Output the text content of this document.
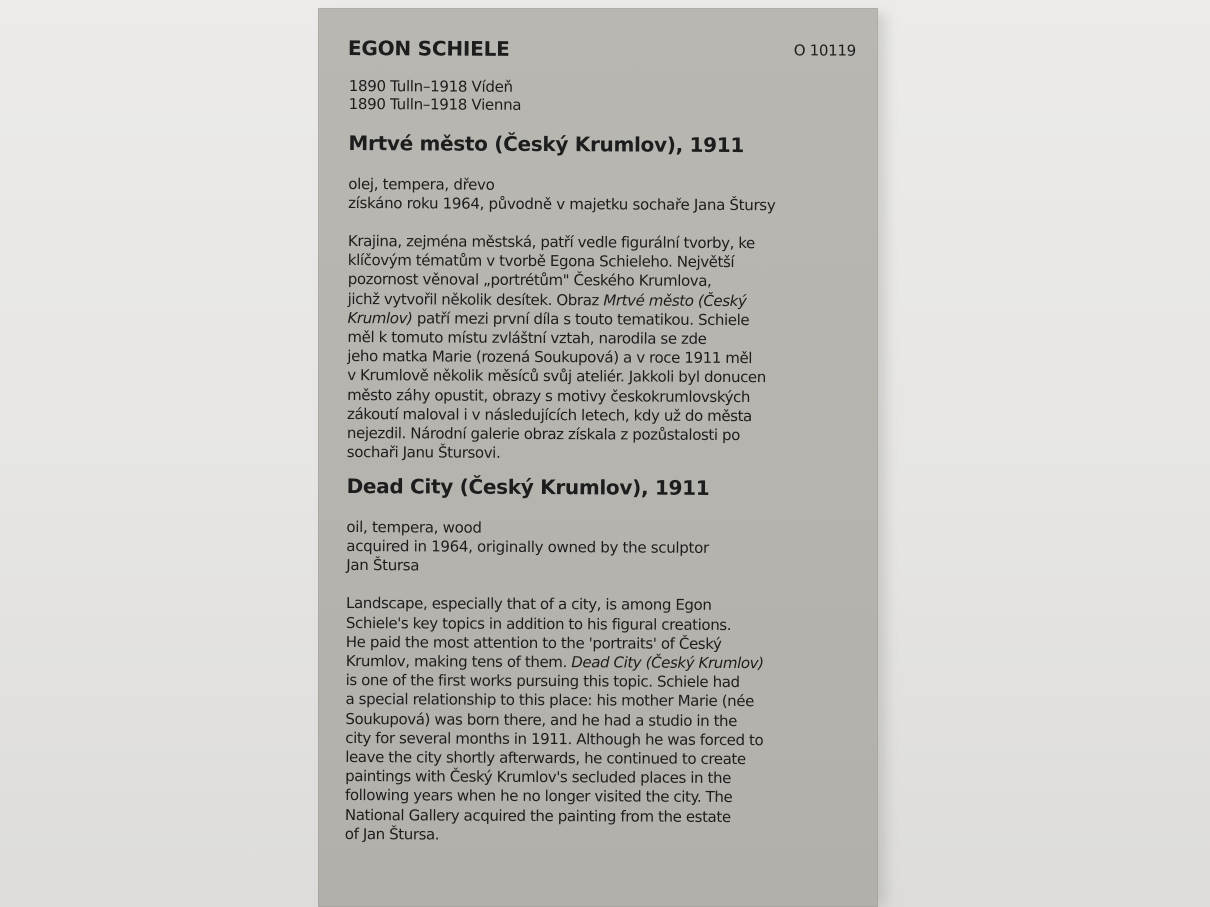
EGON SCHIELE	O 10119
1890 Tulln–1918 Vídeň
1890 Tulln–1918 Vienna
Mrtvé město (Český Krumlov), 1911
olej, tempera, dřevo
získáno roku 1964, původně v majetku sochaře Jana Štursy
Krajina, zejména městská, patří vedle figurální tvorby, ke
klíčovým tématům v tvorbě Egona Schieleho. Největší
pozornost věnoval „portrétům" Českého Krumlova,
jichž vytvořil několik desítek. Obraz Mrtvé město (Český
Krumlov) patří mezi první díla s touto tematikou. Schiele
měl k tomuto místu zvláštní vztah, narodila se zde
jeho matka Marie (rozená Soukupová) a v roce 1911 měl
v Krumlově několik měsíců svůj ateliér. Jakkoli byl donucen
město záhy opustit, obrazy s motivy českokrumlovských
zákoutí maloval i v následujících letech, kdy už do města
nejezdil. Národní galerie obraz získala z pozůstalosti po
sochaři Janu Štursovi.
Dead City (Český Krumlov), 1911
oil, tempera, wood
acquired in 1964, originally owned by the sculptor
Jan Štursa
Landscape, especially that of a city, is among Egon
Schiele's key topics in addition to his figural creations.
He paid the most attention to the 'portraits' of Český
Krumlov, making tens of them. Dead City (Český Krumlov)
is one of the first works pursuing this topic. Schiele had
a special relationship to this place: his mother Marie (née
Soukupová) was born there, and he had a studio in the
city for several months in 1911. Although he was forced to
leave the city shortly afterwards, he continued to create
paintings with Český Krumlov's secluded places in the
following years when he no longer visited the city. The
National Gallery acquired the painting from the estate
of Jan Štursa.
